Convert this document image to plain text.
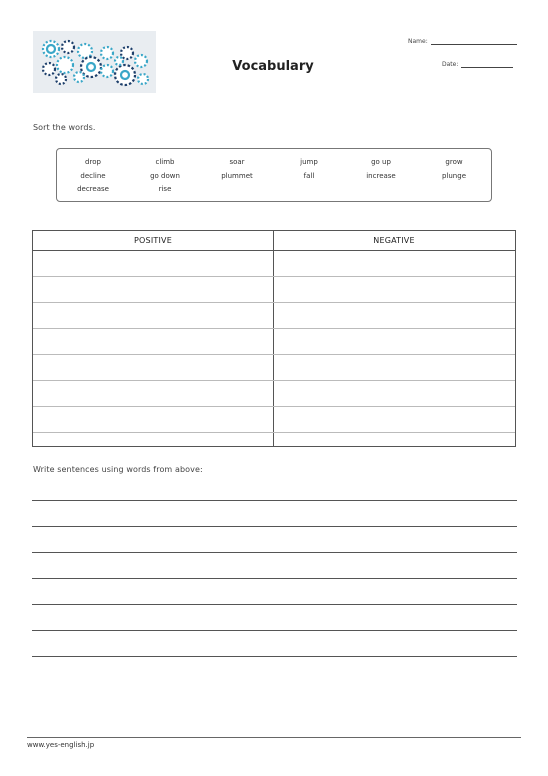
Vocabulary
Name:
Date:
Sort the words.
drop	climb	soar	jump	go up	grow
decline	go down	plummet	fall	increase	plunge
decrease	rise
POSITIVE	NEGATIVE
Write sentences using words from above:
www.yes-english.jp
